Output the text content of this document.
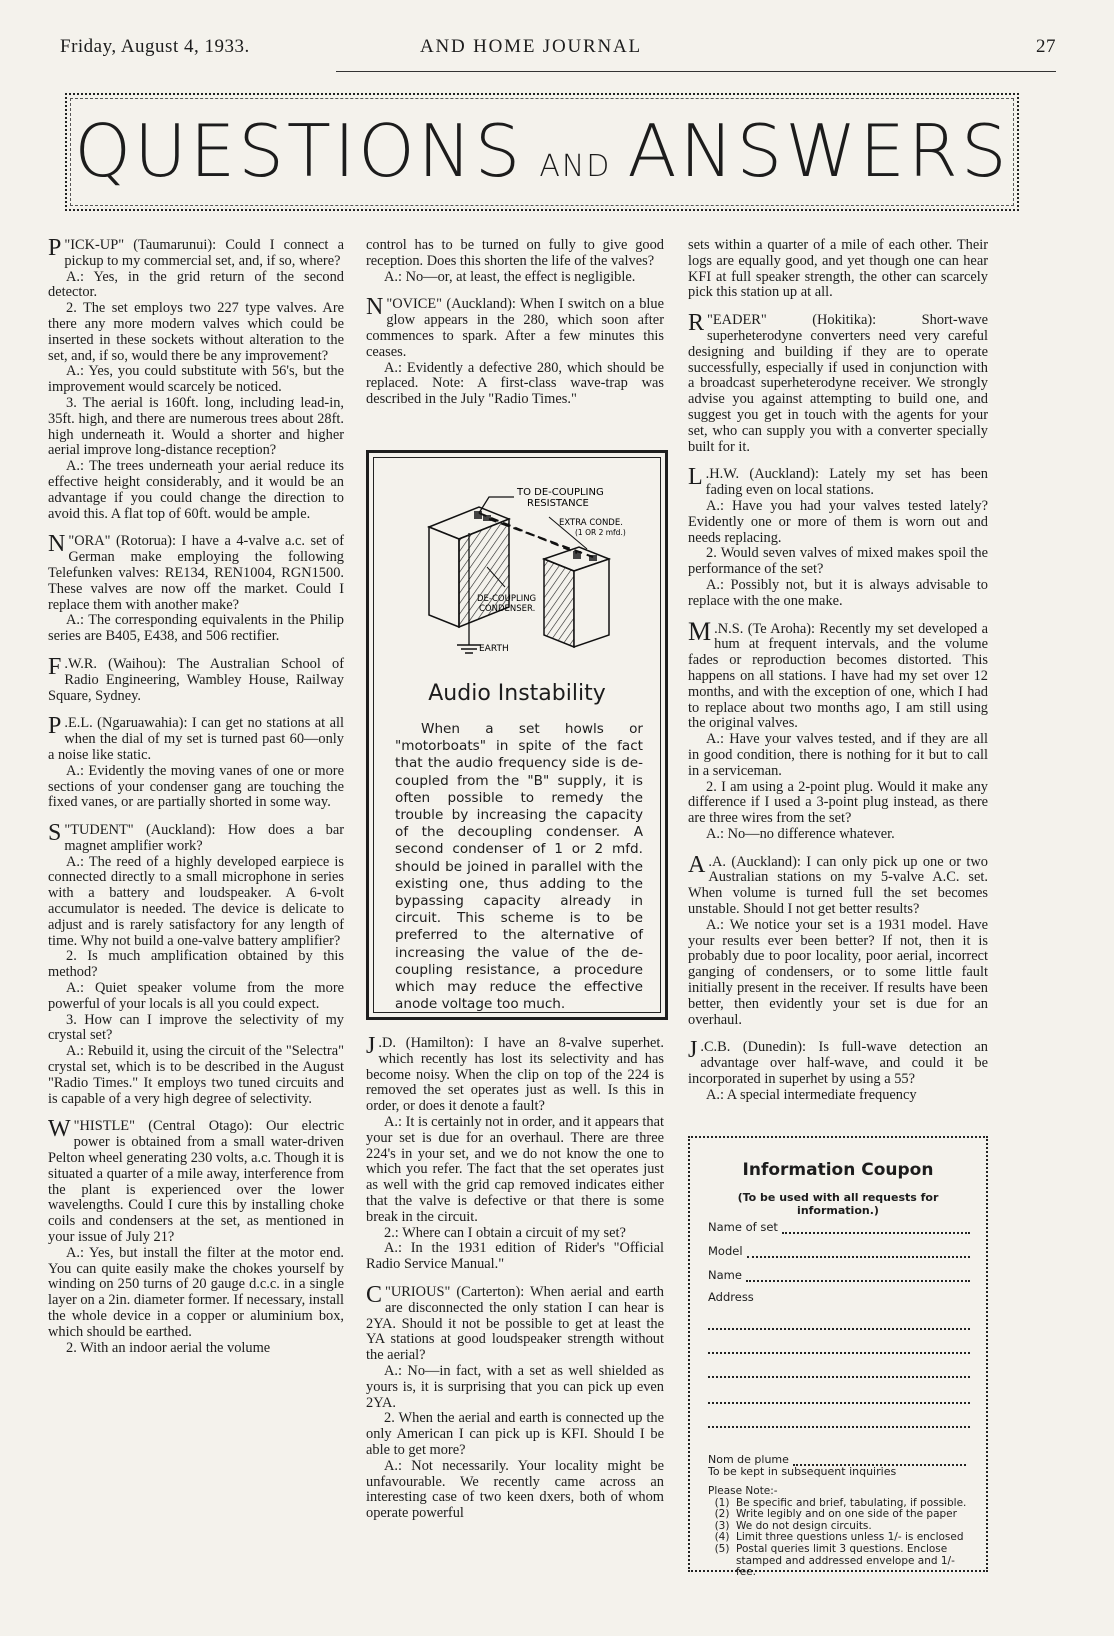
Friday, August 4, 1933.	AND HOME JOURNAL	27
QUESTIONS AND ANSWERS

P "ICK-UP" (Taumarunui): Could I connect a pickup to my commercial set, and, if so, where?

A.: Yes, in the grid return of the second detector.

2. The set employs two 227 type valves. Are there any more modern valves which could be inserted in these sockets without alteration to the set, and, if so, would there be any improvement?

A.: Yes, you could substitute with 56's, but the improvement would scarcely be noticed.

3. The aerial is 160ft. long, including lead-in, 35ft. high, and there are numerous trees about 28ft. high underneath it. Would a shorter and higher aerial improve long-distance reception?

A.: The trees underneath your aerial reduce its effective height considerably, and it would be an advantage if you could change the direction to avoid this. A flat top of 60ft. would be ample.

N "ORA" (Rotorua): I have a 4-valve a.c. set of German make employing the following Telefunken valves: RE134, REN1004, RGN1500. These valves are now off the market. Could I replace them with another make?

A.: The corresponding equivalents in the Philip series are B405, E438, and 506 rectifier.

F .W.R. (Waihou): The Australian School of Radio Engineering, Wambley House, Railway Square, Sydney.

P .E.L. (Ngaruawahia): I can get no stations at all when the dial of my set is turned past 60—only a noise like static.

A.: Evidently the moving vanes of one or more sections of your condenser gang are touching the fixed vanes, or are partially shorted in some way.

S "TUDENT" (Auckland): How does a bar magnet amplifier work?

A.: The reed of a highly developed earpiece is connected directly to a small microphone in series with a battery and loudspeaker. A 6-volt accumulator is needed. The device is delicate to adjust and is rarely satisfactory for any length of time. Why not build a one-valve battery amplifier?

2. Is much amplification obtained by this method?

A.: Quiet speaker volume from the more powerful of your locals is all you could expect.

3. How can I improve the selectivity of my crystal set?

A.: Rebuild it, using the circuit of the "Selectra" crystal set, which is to be described in the August "Radio Times." It employs two tuned circuits and is capable of a very high degree of selectivity.

W "HISTLE" (Central Otago): Our electric power is obtained from a small water-driven Pelton wheel generating 230 volts, a.c. Though it is situated a quarter of a mile away, interference from the plant is experienced over the lower wavelengths. Could I cure this by installing choke coils and condensers at the set, as mentioned in your issue of July 21?

A.: Yes, but install the filter at the motor end. You can quite easily make the chokes yourself by winding on 250 turns of 20 gauge d.c.c. in a single layer on a 2in. diameter former. If necessary, install the whole device in a copper or aluminium box, which should be earthed.

2. With an indoor aerial the volume

control has to be turned on fully to give good reception. Does this shorten the life of the valves?

A.: No—or, at least, the effect is negligible.

N "OVICE" (Auckland): When I switch on a blue glow appears in the 280, which soon after commences to spark. After a few minutes this ceases.

A.: Evidently a defective 280, which should be replaced. Note: A first-class wave-trap was described in the July "Radio Times."

TO DE-COUPLING
RESISTANCE
EXTRA CONDE.
(1 OR 2 mfd.)
DE-COUPLING
CONDENSER.
EARTH
Audio Instability

When a set howls or "motorboats" in spite of the fact that the audio frequency side is de-coupled from the "B" supply, it is often possible to remedy the trouble by increasing the capacity of the decoupling condenser. A second condenser of 1 or 2 mfd. should be joined in parallel with the existing one, thus adding to the bypassing capacity already in circuit. This scheme is to be preferred to the alternative of increasing the value of the de-coupling resistance, a procedure which may reduce the effective anode voltage too much.

J .D. (Hamilton): I have an 8-valve superhet. which recently has lost its selectivity and has become noisy. When the clip on top of the 224 is removed the set operates just as well. Is this in order, or does it denote a fault?

A.: It is certainly not in order, and it appears that your set is due for an overhaul. There are three 224's in your set, and we do not know the one to which you refer. The fact that the set operates just as well with the grid cap removed indicates either that the valve is defective or that there is some break in the circuit.

2.: Where can I obtain a circuit of my set?

A.: In the 1931 edition of Rider's "Official Radio Service Manual."

C "URIOUS" (Carterton): When aerial and earth are disconnected the only station I can hear is 2YA. Should it not be possible to get at least the YA stations at good loudspeaker strength without the aerial?

A.: No—in fact, with a set as well shielded as yours is, it is surprising that you can pick up even 2YA.

2. When the aerial and earth is connected up the only American I can pick up is KFI. Should I be able to get more?

A.: Not necessarily. Your locality might be unfavourable. We recently came across an interesting case of two keen dxers, both of whom operate powerful

sets within a quarter of a mile of each other. Their logs are equally good, and yet though one can hear KFI at full speaker strength, the other can scarcely pick this station up at all.

R "EADER" (Hokitika): Short-wave superheterodyne converters need very careful designing and building if they are to operate successfully, especially if used in conjunction with a broadcast superheterodyne receiver. We strongly advise you against attempting to build one, and suggest you get in touch with the agents for your set, who can supply you with a converter specially built for it.

L .H.W. (Auckland): Lately my set has been fading even on local stations.

A.: Have you had your valves tested lately? Evidently one or more of them is worn out and needs replacing.

2. Would seven valves of mixed makes spoil the performance of the set?

A.: Possibly not, but it is always advisable to replace with the one make.

M .N.S. (Te Aroha): Recently my set developed a hum at frequent intervals, and the volume fades or reproduction becomes distorted. This happens on all stations. I have had my set over 12 months, and with the exception of one, which I had to replace about two months ago, I am still using the original valves.

A.: Have your valves tested, and if they are all in good condition, there is nothing for it but to call in a serviceman.

2. I am using a 2-point plug. Would it make any difference if I used a 3-point plug instead, as there are three wires from the set?

A.: No—no difference whatever.

A .A. (Auckland): I can only pick up one or two Australian stations on my 5-valve A.C. set. When volume is turned full the set becomes unstable. Should I not get better results?

A.: We notice your set is a 1931 model. Have your results ever been better? If not, then it is probably due to poor locality, poor aerial, incorrect ganging of condensers, or to some little fault initially present in the receiver. If results have been better, then evidently your set is due for an overhaul.

J .C.B. (Dunedin): Is full-wave detection an advantage over half-wave, and could it be incorporated in superhet by using a 55?

A.: A special intermediate frequency

Information Coupon
(To be used with all requests for information.)
Name of set
Model
Name
Address
Nom de plume
To be kept in subsequent inquiries
Please Note:-
(1) Be specific and brief, tabulating, if possible.
(2) Write legibly and on one side of the paper
(3) We do not design circuits.
(4) Limit three questions unless 1/- is enclosed
(5) Postal queries limit 3 questions. Enclose stamped and addressed envelope and 1/- fee.
